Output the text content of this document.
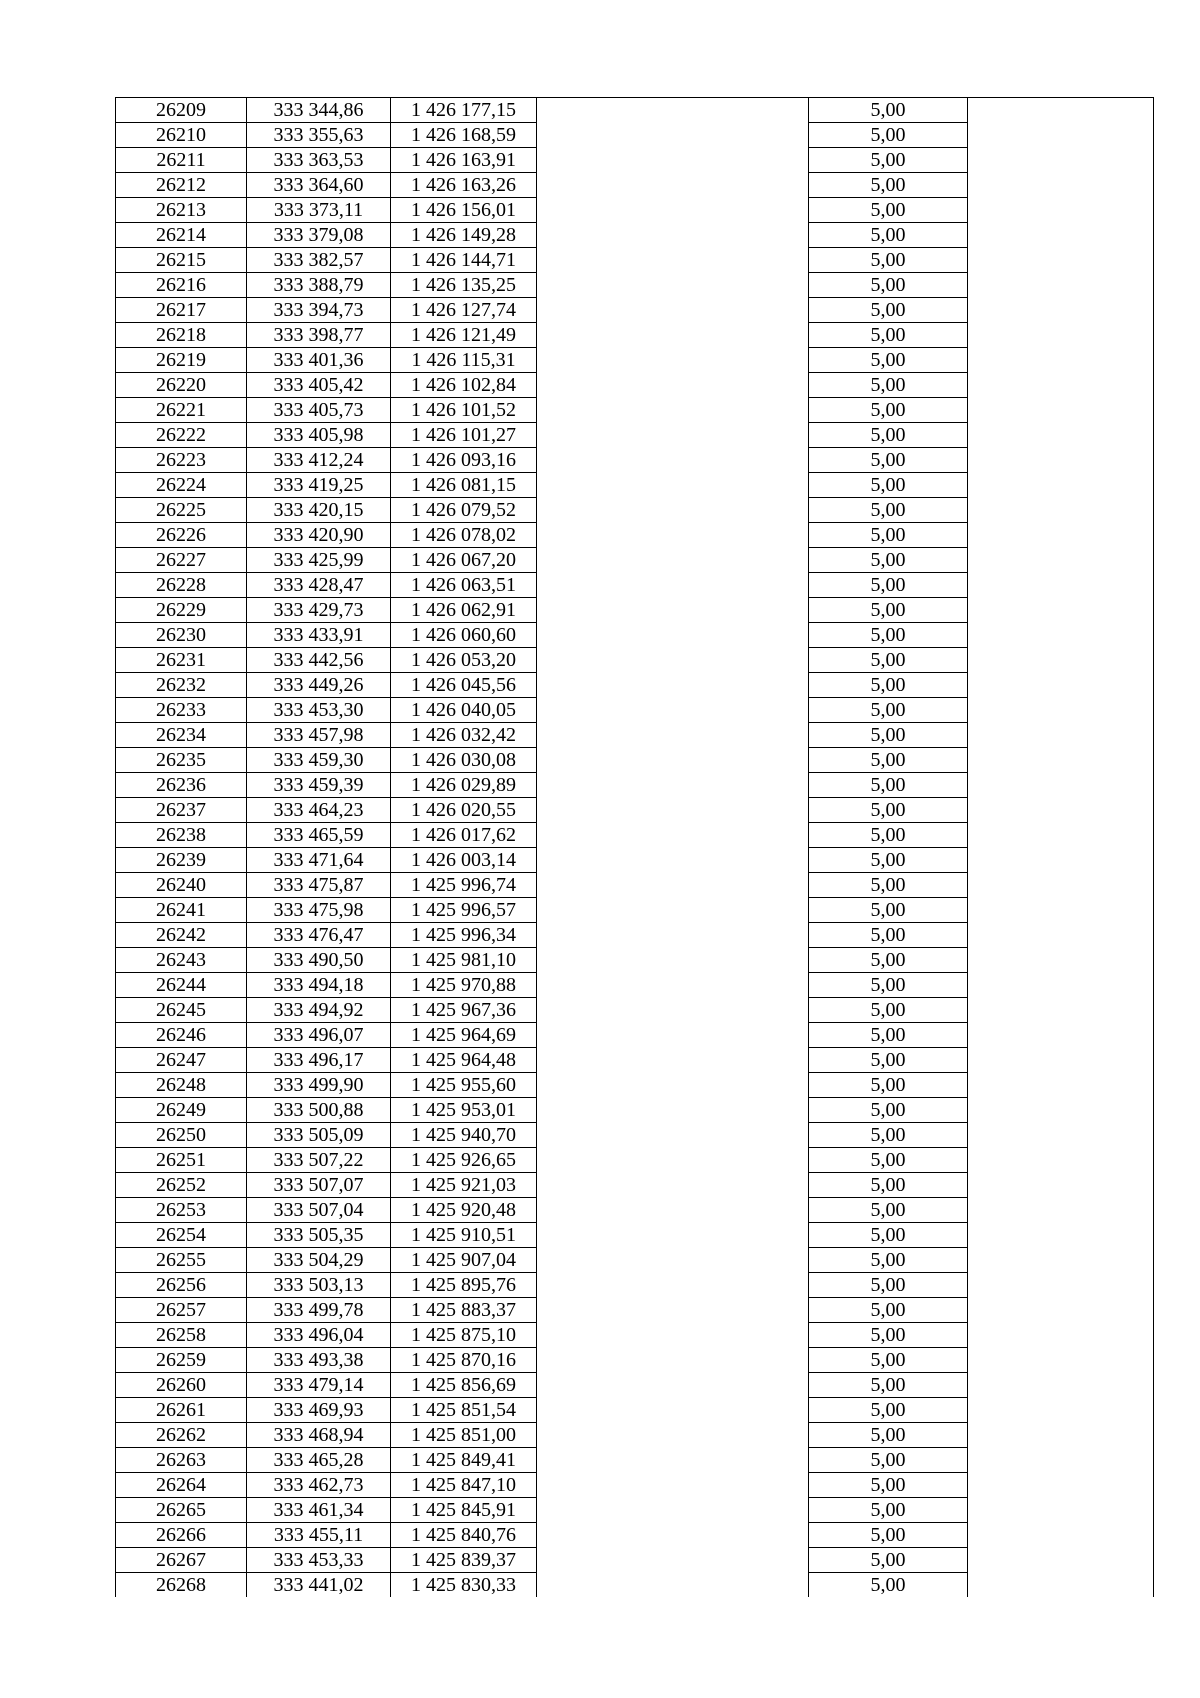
26209	333 344,86	1 426 177,15		5,00	
26210	333 355,63	1 426 168,59		5,00	
26211	333 363,53	1 426 163,91		5,00	
26212	333 364,60	1 426 163,26		5,00	
26213	333 373,11	1 426 156,01		5,00	
26214	333 379,08	1 426 149,28		5,00	
26215	333 382,57	1 426 144,71		5,00	
26216	333 388,79	1 426 135,25		5,00	
26217	333 394,73	1 426 127,74		5,00	
26218	333 398,77	1 426 121,49		5,00	
26219	333 401,36	1 426 115,31		5,00	
26220	333 405,42	1 426 102,84		5,00	
26221	333 405,73	1 426 101,52		5,00	
26222	333 405,98	1 426 101,27		5,00	
26223	333 412,24	1 426 093,16		5,00	
26224	333 419,25	1 426 081,15		5,00	
26225	333 420,15	1 426 079,52		5,00	
26226	333 420,90	1 426 078,02		5,00	
26227	333 425,99	1 426 067,20		5,00	
26228	333 428,47	1 426 063,51		5,00	
26229	333 429,73	1 426 062,91		5,00	
26230	333 433,91	1 426 060,60		5,00	
26231	333 442,56	1 426 053,20		5,00	
26232	333 449,26	1 426 045,56		5,00	
26233	333 453,30	1 426 040,05		5,00	
26234	333 457,98	1 426 032,42		5,00	
26235	333 459,30	1 426 030,08		5,00	
26236	333 459,39	1 426 029,89		5,00	
26237	333 464,23	1 426 020,55		5,00	
26238	333 465,59	1 426 017,62		5,00	
26239	333 471,64	1 426 003,14		5,00	
26240	333 475,87	1 425 996,74		5,00	
26241	333 475,98	1 425 996,57		5,00	
26242	333 476,47	1 425 996,34		5,00	
26243	333 490,50	1 425 981,10		5,00	
26244	333 494,18	1 425 970,88		5,00	
26245	333 494,92	1 425 967,36		5,00	
26246	333 496,07	1 425 964,69		5,00	
26247	333 496,17	1 425 964,48		5,00	
26248	333 499,90	1 425 955,60		5,00	
26249	333 500,88	1 425 953,01		5,00	
26250	333 505,09	1 425 940,70		5,00	
26251	333 507,22	1 425 926,65		5,00	
26252	333 507,07	1 425 921,03		5,00	
26253	333 507,04	1 425 920,48		5,00	
26254	333 505,35	1 425 910,51		5,00	
26255	333 504,29	1 425 907,04		5,00	
26256	333 503,13	1 425 895,76		5,00	
26257	333 499,78	1 425 883,37		5,00	
26258	333 496,04	1 425 875,10		5,00	
26259	333 493,38	1 425 870,16		5,00	
26260	333 479,14	1 425 856,69		5,00	
26261	333 469,93	1 425 851,54		5,00	
26262	333 468,94	1 425 851,00		5,00	
26263	333 465,28	1 425 849,41		5,00	
26264	333 462,73	1 425 847,10		5,00	
26265	333 461,34	1 425 845,91		5,00	
26266	333 455,11	1 425 840,76		5,00	
26267	333 453,33	1 425 839,37		5,00	
26268	333 441,02	1 425 830,33		5,00	
